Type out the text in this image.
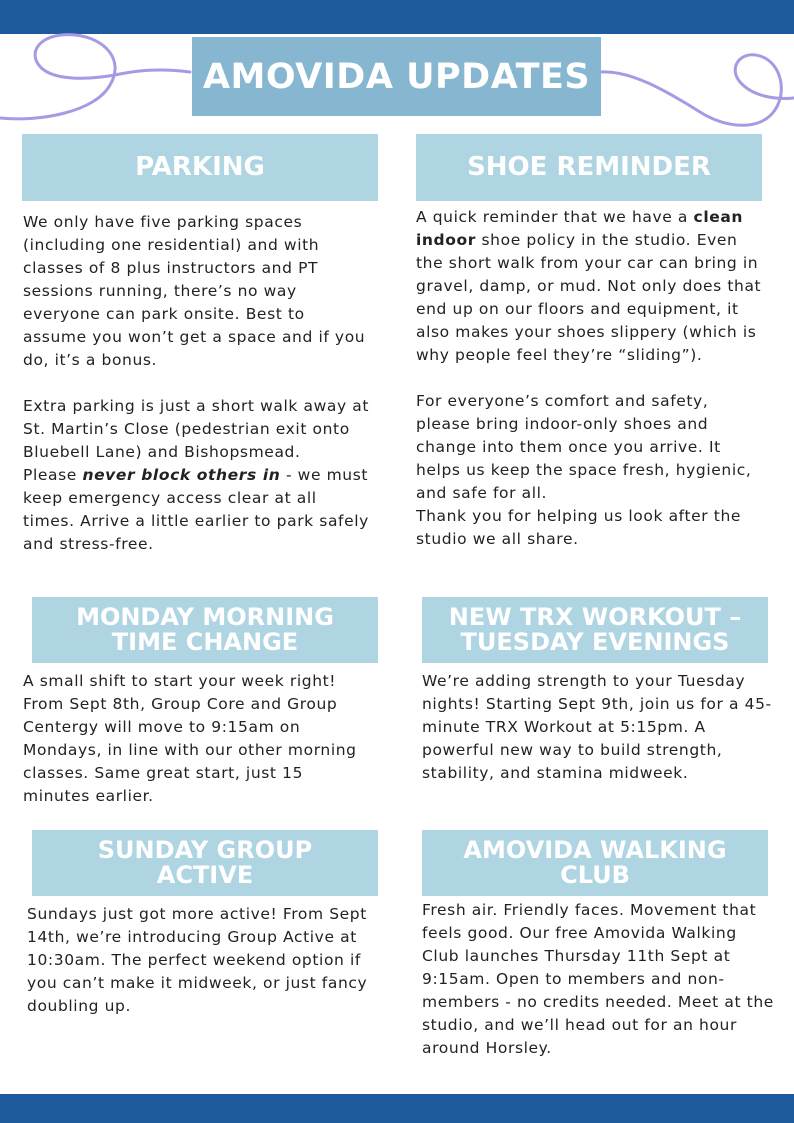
AMOVIDA UPDATES
PARKING

We only have five parking spaces (including one residential) and with classes of 8 plus instructors and PT sessions running, there’s no way everyone can park onsite. Best to assume you won’t get a space and if you do, it’s a bonus.

Extra parking is just a short walk away at St. Martin’s Close (pedestrian exit onto Bluebell Lane) and Bishopsmead.

Please never block others in - we must keep emergency access clear at all times. Arrive a little earlier to park safely and stress-free.

SHOE REMINDER

A quick reminder that we have a clean indoor shoe policy in the studio. Even the short walk from your car can bring in gravel, damp, or mud. Not only does that end up on our floors and equipment, it also makes your shoes slippery (which is why people feel they’re “sliding”).

For everyone’s comfort and safety, please bring indoor-only shoes and change into them once you arrive. It helps us keep the space fresh, hygienic, and safe for all.

Thank you for helping us look after the studio we all share.

MONDAY MORNING
TIME CHANGE

A small shift to start your week right! From Sept 8th, Group Core and Group Centergy will move to 9:15am on Mondays, in line with our other morning classes. Same great start, just 15 minutes earlier.

NEW TRX WORKOUT –
TUESDAY EVENINGS

We’re adding strength to your Tuesday nights! Starting Sept 9th, join us for a 45-minute TRX Workout at 5:15pm. A powerful new way to build strength, stability, and stamina midweek.

SUNDAY GROUP
ACTIVE

Sundays just got more active! From Sept 14th, we’re introducing Group Active at 10:30am. The perfect weekend option if you can’t make it midweek, or just fancy doubling up.

AMOVIDA WALKING
CLUB

Fresh air. Friendly faces. Movement that feels good. Our free Amovida Walking Club launches Thursday 11th Sept at 9:15am. Open to members and non-members - no credits needed. Meet at the studio, and we’ll head out for an hour around Horsley.
